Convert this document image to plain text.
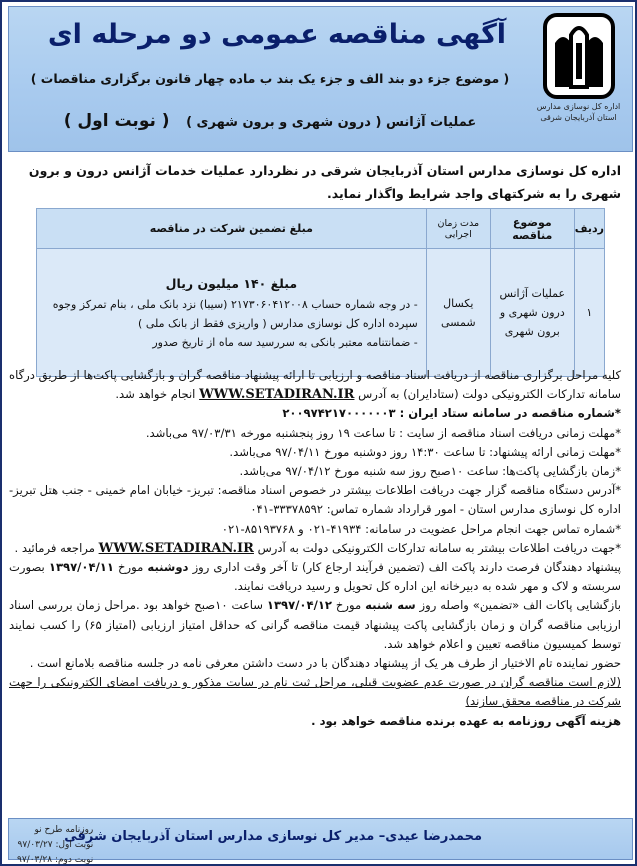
اداره کل نوسازی مدارس
استان آذربایجان شرقی
آگهی مناقصه عمومی دو مرحله ای
( موضوع جزء دو بند الف و جزء یک بند ب ماده چهار قانون برگزاری مناقصات )
عملیات آژانس ( درون شهری و برون شهری ) ( نوبت اول )
اداره کل نوسازی مدارس استان آذربایجان شرقی در نظردارد عملیات خدمات آژانس درون و برون شهری را به شرکتهای واجد شرایط واگذار نماید.
ردیف	موضوع مناقصه	مدت زمان اجرایی	مبلغ تضمین شرکت در مناقصه
۱	عملیات آژانس درون شهری و برون شهری	یکسال شمسی	مبلغ ۱۴۰ میلیون ریال
- در وجه شماره حساب ۲۱۷۳۰۶۰۴۱۲۰۰۸ (سیبا) نزد بانک ملی ، بنام تمرکز وجوه سپرده اداره کل نوسازی مدارس ( واریزی فقط از بانک ملی )
- ضمانتنامه معتبر بانکی به سررسید سه ماه از تاریخ صدور

کلیه مراحل برگزاری مناقصه از دریافت اسناد مناقصه و ارزیابی تا ارائه پیشنهاد مناقصه گران و بازگشایی پاکت‌ها از طریق درگاه سامانه تدارکات الکترونیکی دولت (ستادایران) به آدرس WWW.SETADIRAN.IR انجام خواهد شد.

*شماره مناقصه در سامانه ستاد ایران : ۲۰۰۹۷۴۲۱۷۰۰۰۰۰۰۳

*مهلت زمانی دریافت اسناد مناقصه از سایت : تا ساعت ۱۹ روز پنجشنبه مورخه ۹۷/۰۳/۳۱ می‌باشد.

*مهلت زمانی ارائه پیشنهاد: تا ساعت ۱۴:۳۰ روز دوشنبه مورخ ۹۷/۰۴/۱۱ می‌باشد.

*زمان بازگشایی پاکت‌ها: ساعت ۱۰صبح روز سه شنبه مورخ ۹۷/۰۴/۱۲ می‌باشد.

*آدرس دستگاه مناقصه گزار جهت دریافت اطلاعات بیشتر در خصوص اسناد مناقصه: تبریز- خیابان امام خمینی - جنب هتل تبریز- اداره کل نوسازی مدارس استان - امور قرارداد شماره تماس: ۳۳۳۷۸۵۹۲-۰۴۱

*شماره تماس جهت انجام مراحل عضویت در سامانه: ۴۱۹۳۴-۰۲۱ و ۸۵۱۹۳۷۶۸-۰۲۱

*جهت دریافت اطلاعات بیشتر به سامانه تدارکات الکترونیکی دولت به آدرس WWW.SETADIRAN.IR مراجعه فرمائید .

پیشنهاد دهندگان فرصت دارند پاکت الف (تضمین فرآیند ارجاع کار) تا آخر وقت اداری روز دوشنبه مورخ ۱۳۹۷/۰۴/۱۱ بصورت سربسته و لاک و مهر شده به دبیرخانه این اداره کل تحویل و رسید دریافت نمایند.

بازگشایی پاکات الف «تضمین» واصله روز سه شنبه مورخ ۱۳۹۷/۰۴/۱۲ ساعت ۱۰صبح خواهد بود .مراحل زمان بررسی اسناد ارزیابی مناقصه گران و زمان بازگشایی پاکت پیشنهاد قیمت مناقصه گرانی که حداقل امتیاز ارزیابی (امتیاز ۶۵) را کسب نمایند توسط کمیسیون مناقصه تعیین و اعلام خواهد شد.

حضور نماینده تام الاختیار از طرف هر یک از پیشنهاد دهندگان با در دست داشتن معرفی نامه در جلسه مناقصه بلامانع است .

(لازم است مناقصه گران در صورت عدم عضویت قبلی، مراحل ثبت نام در سایت مذکور و دریافت امضای الکترونیکی را جهت شرکت در مناقصه محقق سازند)

هزینه آگهی روزنامه به عهده برنده مناقصه خواهد بود .

محمدرضا عیدی– مدیر کل نوسازی مدارس استان آذربایجان شرقی
روزنامه طرح نو
نوبت اول: ۹۷/۰۳/۲۷
نوبت دوم: ۹۷/۰۳/۲۸
